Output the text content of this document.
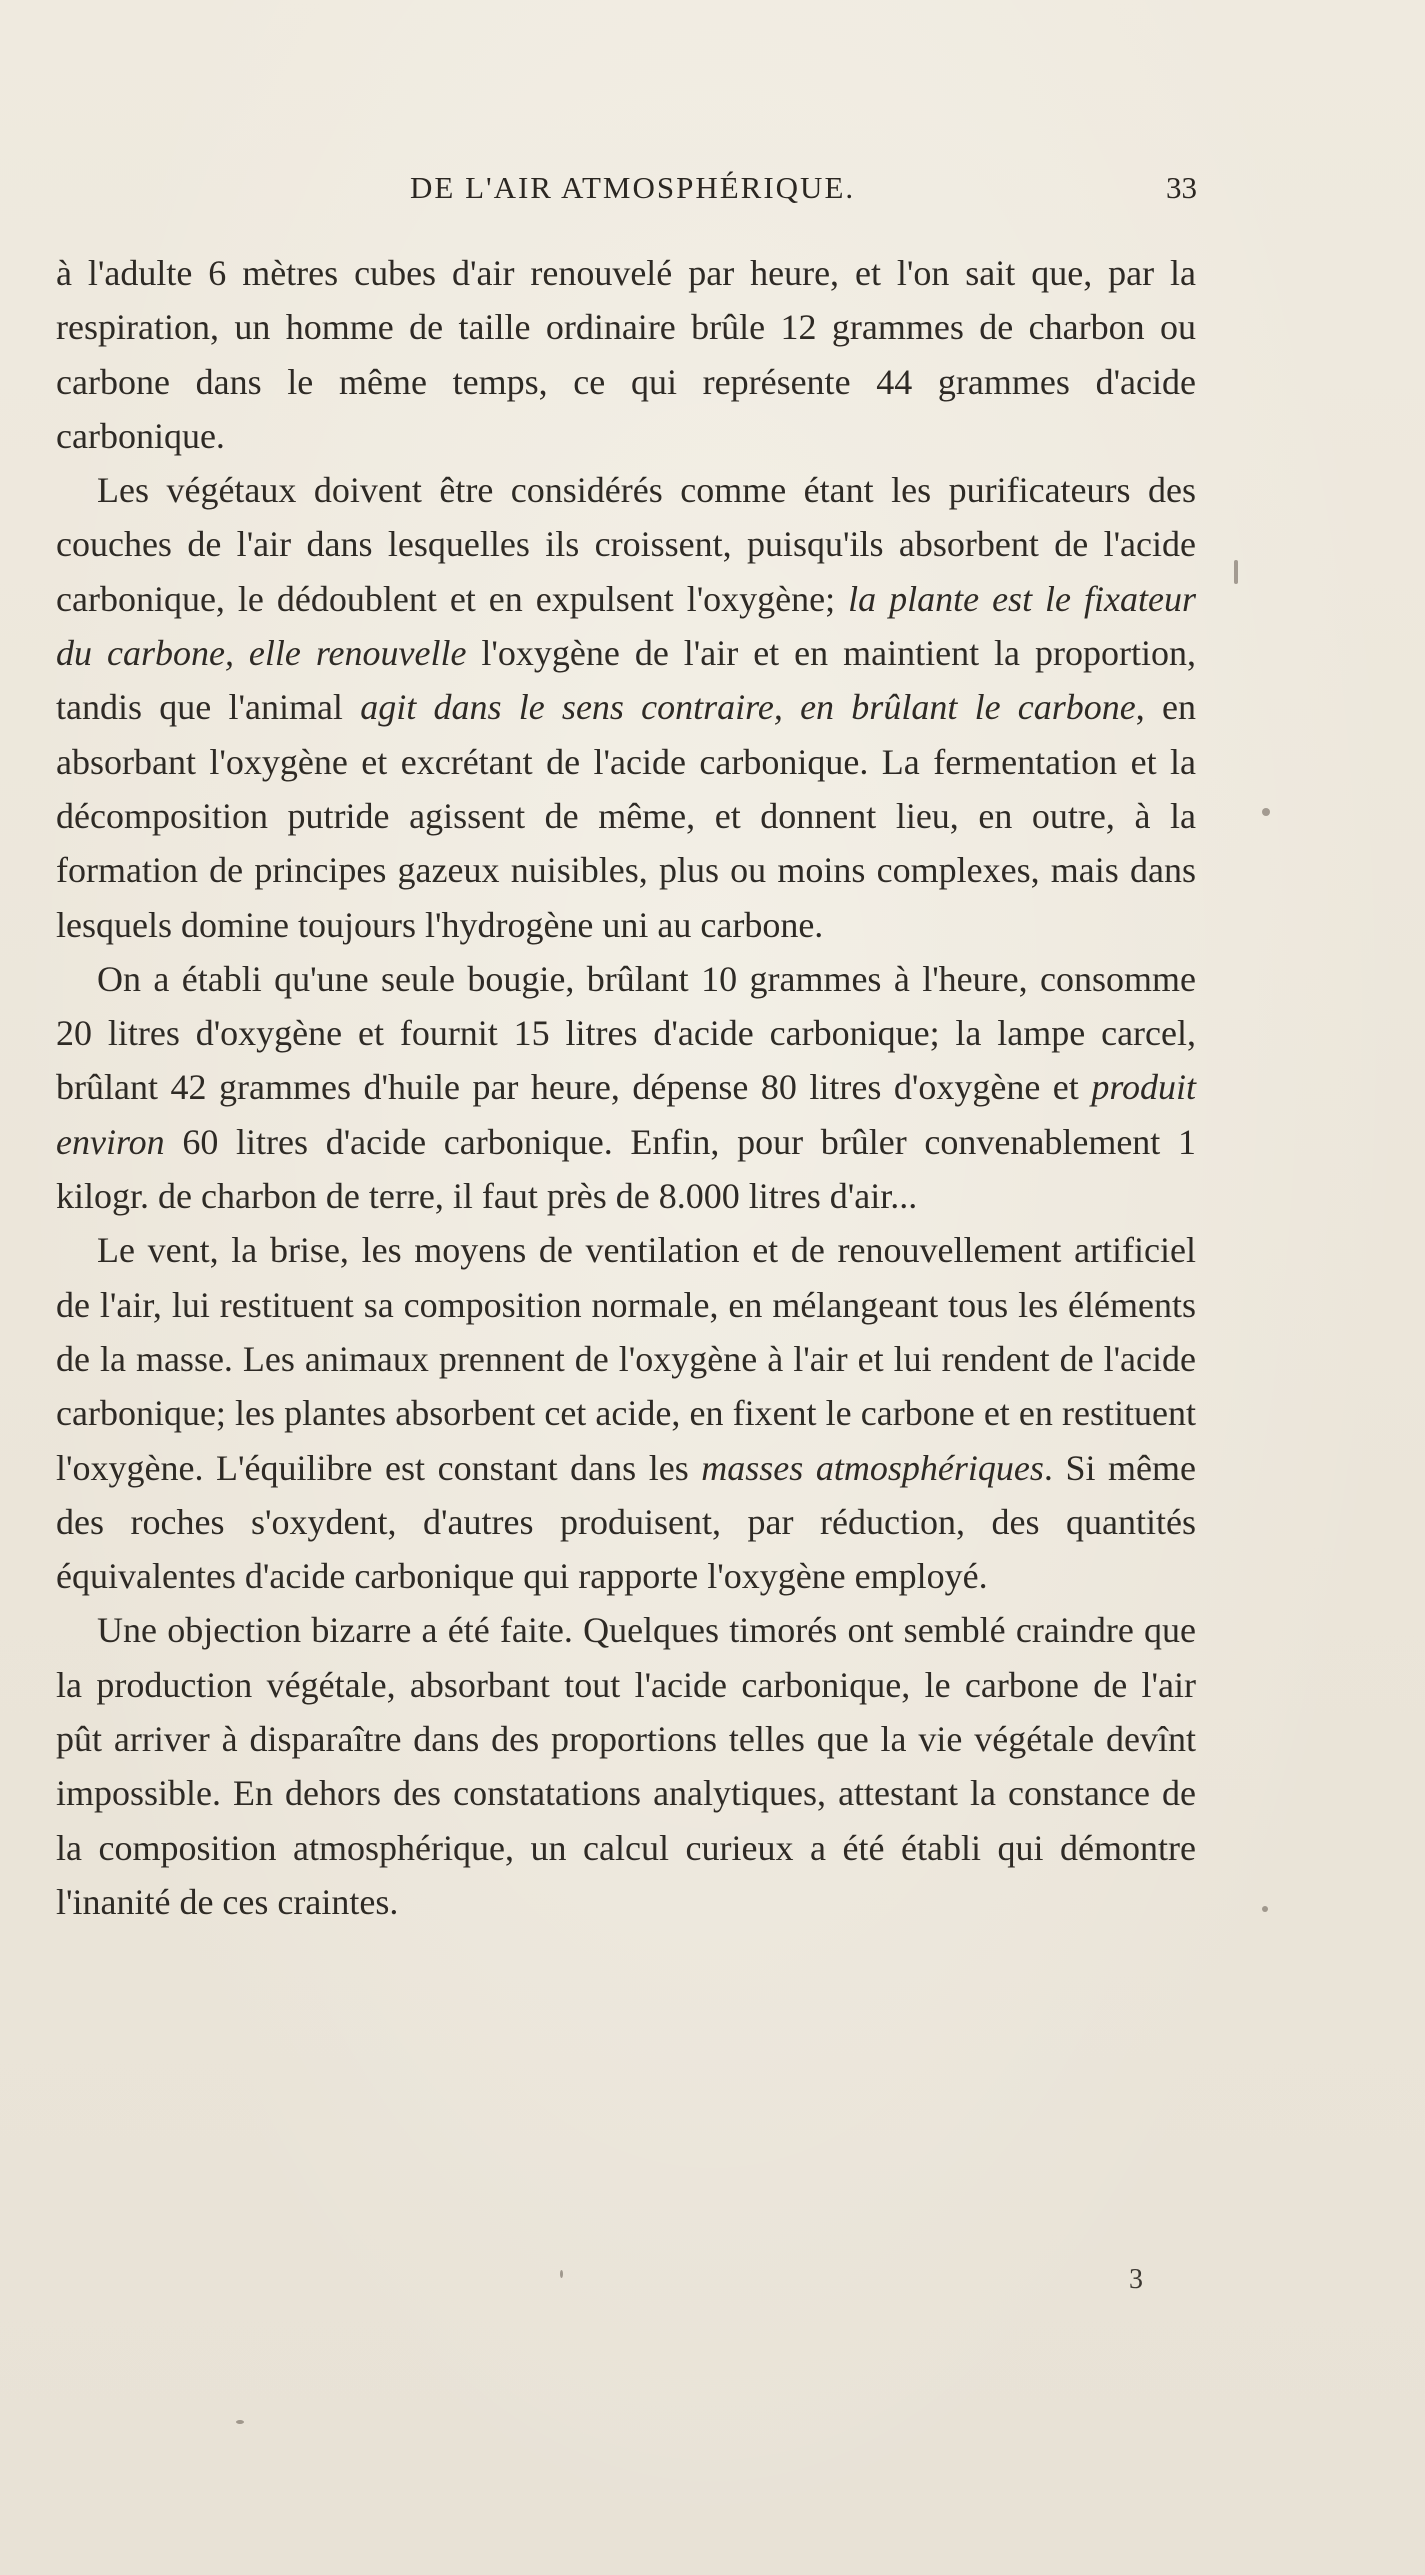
DE L'AIR ATMOSPHÉRIQUE.	33

à l'adulte 6 mètres cubes d'air renouvelé par heure, et l'on sait que, par la respiration, un homme de taille ordinaire brûle 12 grammes de charbon ou carbone dans le même temps, ce qui représente 44 grammes d'acide carbonique.

Les végétaux doivent être considérés comme étant les purificateurs des couches de l'air dans lesquelles ils croissent, puisqu'ils absorbent de l'acide carbonique, le dédoublent et en expulsent l'oxygène; la plante est le fixateur du carbone, elle renouvelle l'oxygène de l'air et en maintient la proportion, tandis que l'animal agit dans le sens contraire, en brûlant le carbone, en absorbant l'oxygène et excrétant de l'acide carbonique. La fermentation et la décomposition putride agissent de même, et donnent lieu, en outre, à la formation de principes gazeux nuisibles, plus ou moins complexes, mais dans lesquels domine toujours l'hydrogène uni au carbone.

On a établi qu'une seule bougie, brûlant 10 grammes à l'heure, consomme 20 litres d'oxygène et fournit 15 litres d'acide carbonique; la lampe carcel, brûlant 42 grammes d'huile par heure, dépense 80 litres d'oxygène et produit environ 60 litres d'acide carbonique. Enfin, pour brûler convenablement 1 kilogr. de charbon de terre, il faut près de 8.000 litres d'air...

Le vent, la brise, les moyens de ventilation et de renouvellement artificiel de l'air, lui restituent sa composition normale, en mélangeant tous les éléments de la masse. Les animaux prennent de l'oxygène à l'air et lui rendent de l'acide carbonique; les plantes absorbent cet acide, en fixent le carbone et en restituent l'oxygène. L'équilibre est constant dans les masses atmosphériques. Si même des roches s'oxydent, d'autres produisent, par réduction, des quantités équivalentes d'acide carbonique qui rapporte l'oxygène employé.

Une objection bizarre a été faite. Quelques timorés ont semblé craindre que la production végétale, absorbant tout l'acide carbonique, le carbone de l'air pût arriver à disparaître dans des proportions telles que la vie végétale devînt impossible. En dehors des constatations analytiques, attestant la constance de la composition atmosphérique, un calcul curieux a été établi qui démontre l'inanité de ces craintes.

3
